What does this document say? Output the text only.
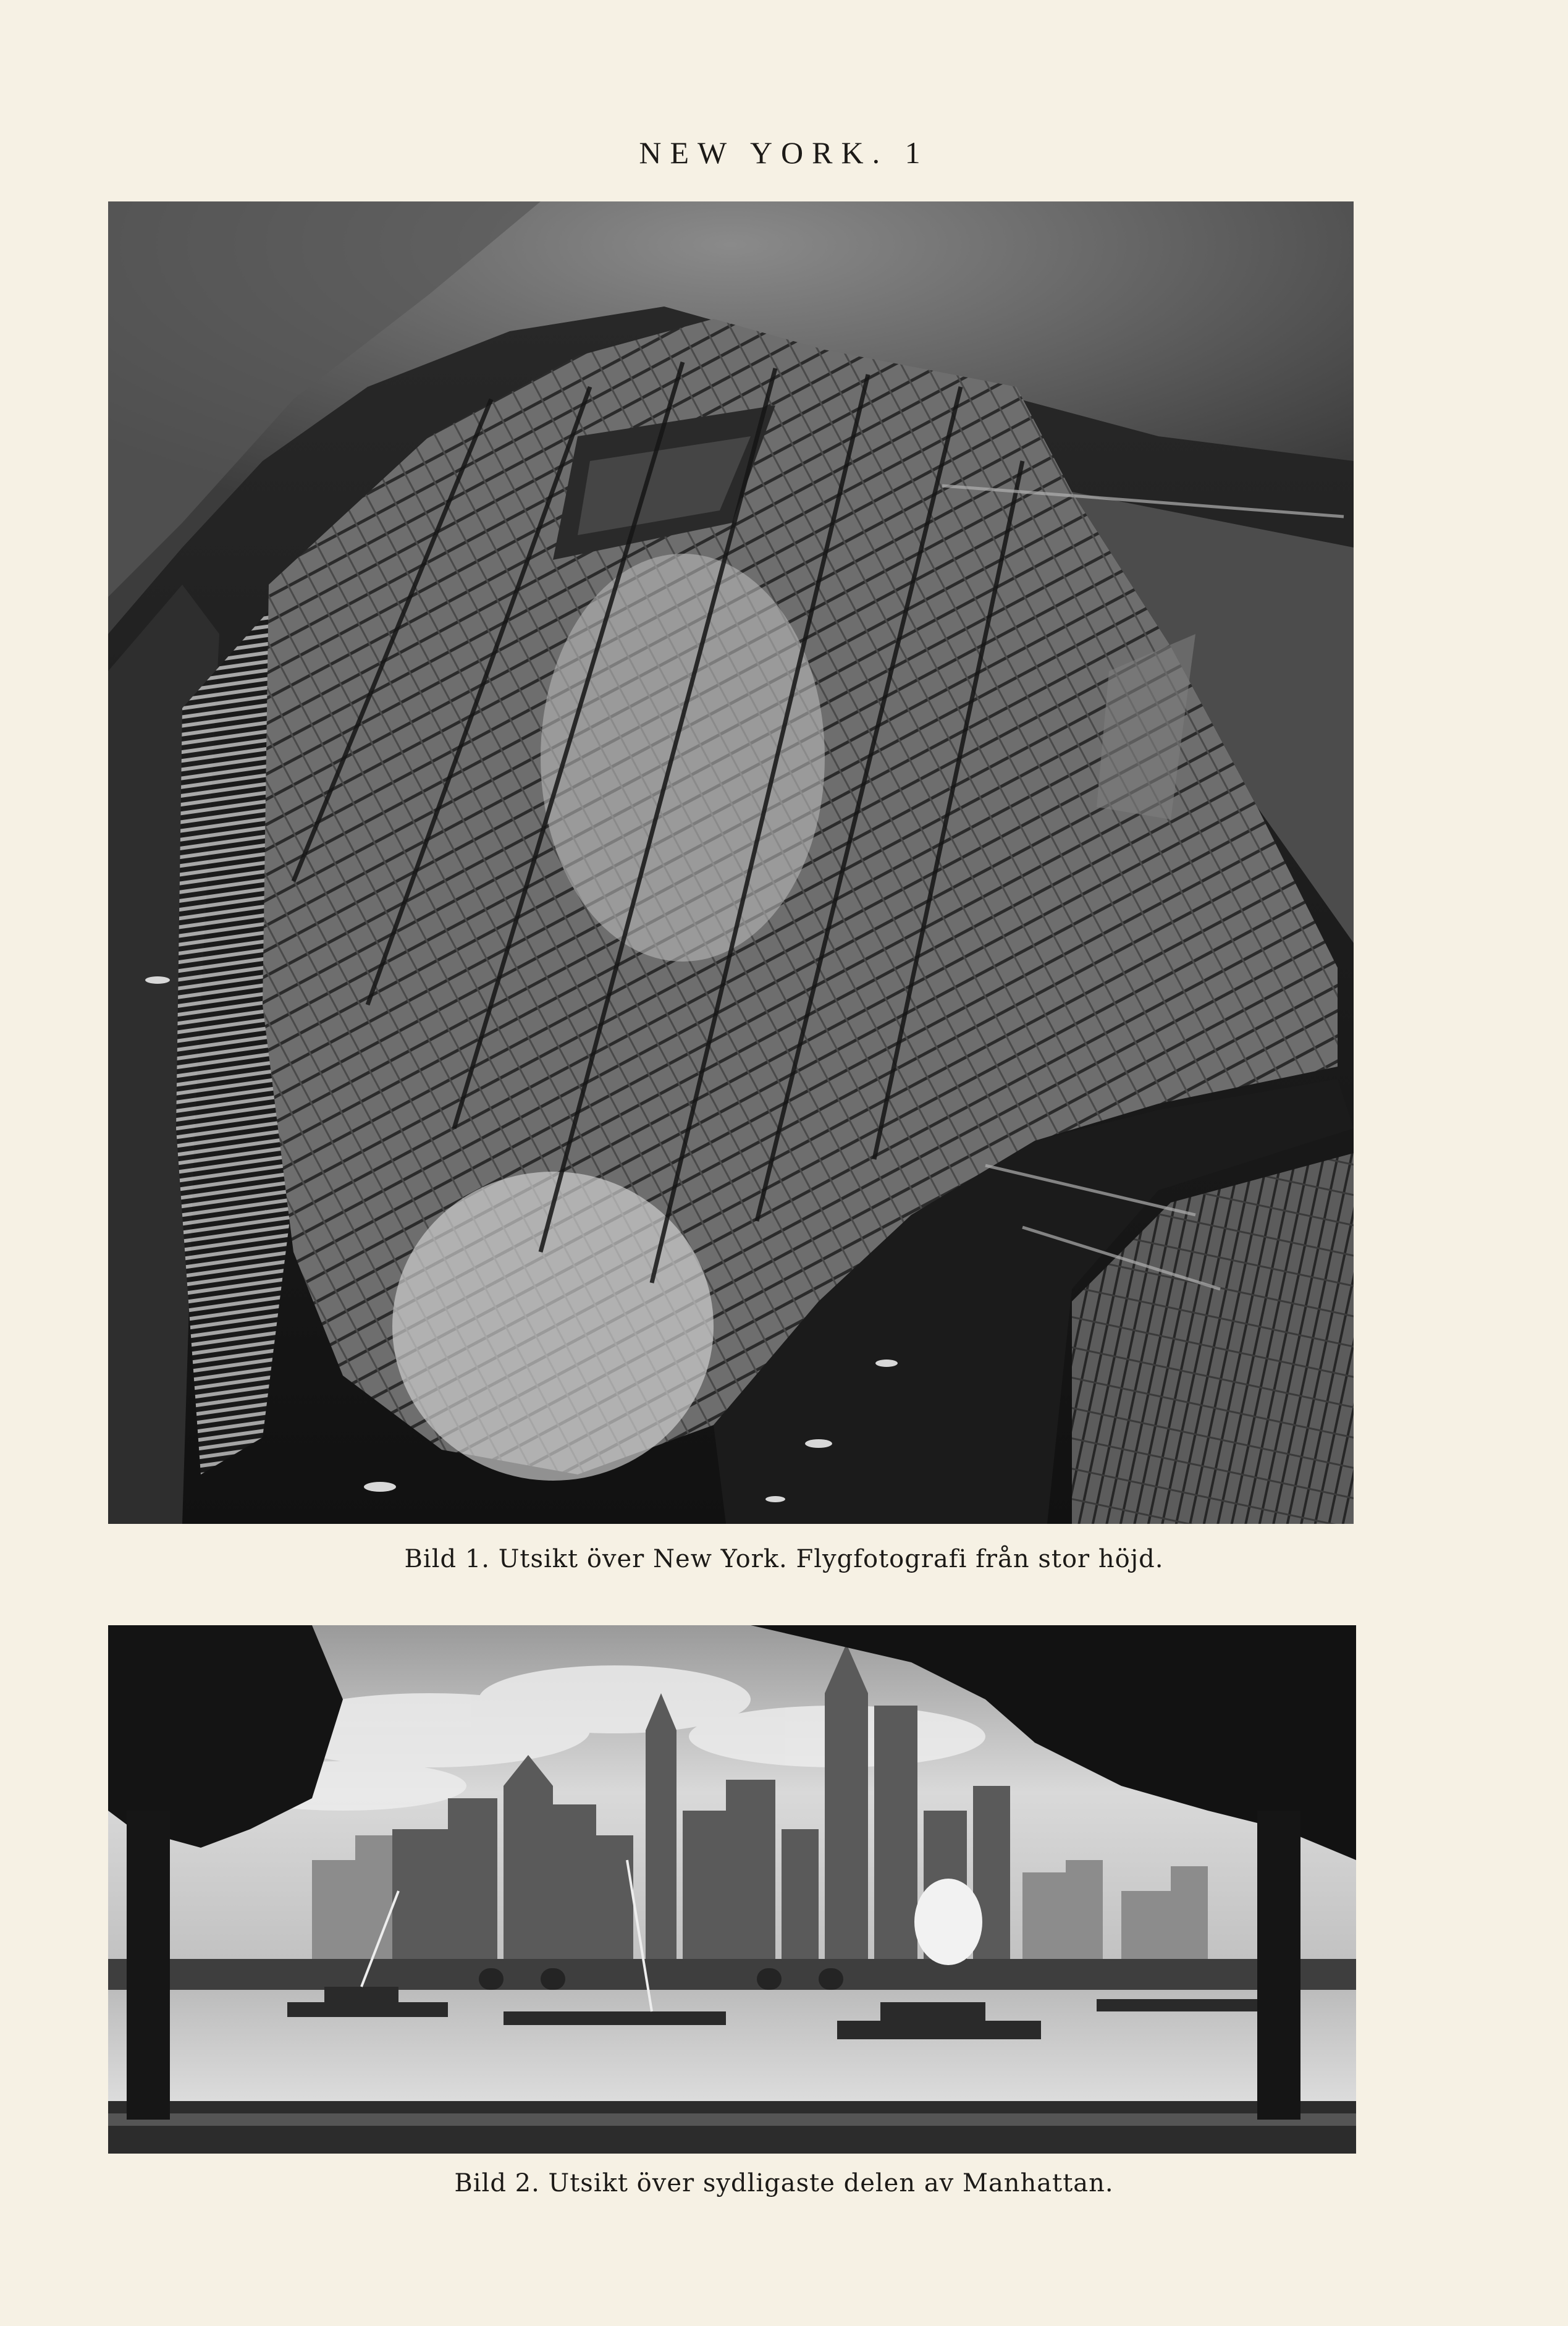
NEW YORK. 1
Bild 1. Utsikt över New York. Flygfotografi från stor höjd.
Bild 2. Utsikt över sydligaste delen av Manhattan.
